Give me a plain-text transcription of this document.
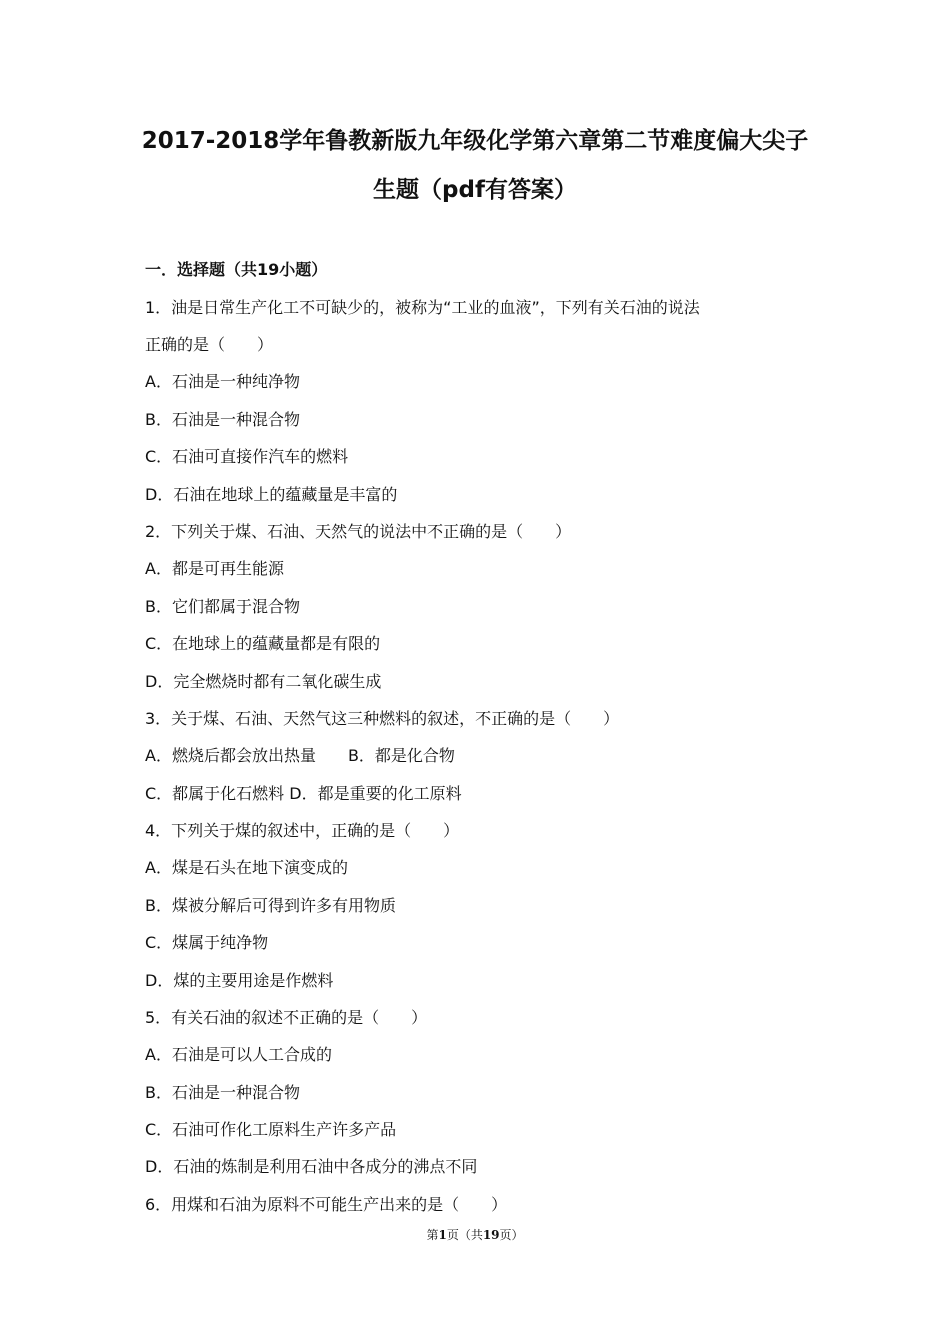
2017-2018学年鲁教新版九年级化学第六章第二节难度偏大尖子
生题（pdf有答案）
一．选择题（共19小题）
1．油是日常生产化工不可缺少的，被称为“工业的血液”，下列有关石油的说法
正确的是（　　）
A．石油是一种纯净物
B．石油是一种混合物
C．石油可直接作汽车的燃料
D．石油在地球上的蕴藏量是丰富的
2．下列关于煤、石油、天然气的说法中不正确的是（　　）
A．都是可再生能源
B．它们都属于混合物
C．在地球上的蕴藏量都是有限的
D．完全燃烧时都有二氧化碳生成
3．关于煤、石油、天然气这三种燃料的叙述，不正确的是（　　）
A．燃烧后都会放出热量　　B．都是化合物
C．都属于化石燃料 D．都是重要的化工原料
4．下列关于煤的叙述中，正确的是（　　）
A．煤是石头在地下演变成的
B．煤被分解后可得到许多有用物质
C．煤属于纯净物
D．煤的主要用途是作燃料
5．有关石油的叙述不正确的是（　　）
A．石油是可以人工合成的
B．石油是一种混合物
C．石油可作化工原料生产许多产品
D．石油的炼制是利用石油中各成分的沸点不同
6．用煤和石油为原料不可能生产出来的是（　　）
第1页（共19页）
